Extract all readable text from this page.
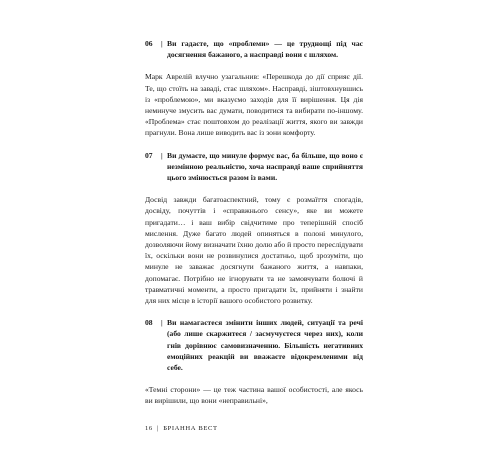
06	| Ви гадаєте, що «проблеми» — це труднощі під час досягнення бажаного, а насправді вони є шляхом.

Марк Аврелій влучно узагальнив: «Перешкода до дії сприяє дії. Те, що стоїть на заваді, стає шляхом». Насправді, зіштовхнувшись із «проблемою», ми вказуємо заходів для її вирішення. Ця дія неминуче змусить вас думати, поводитися та вибирати по-іншому. «Проблема» стає поштовхом до реалізації життя, якого ви завжди прагнули. Вона лише виводить вас із зони комфорту.

07	| Ви думаєте, що минуле формує вас, ба більше, що воно є незмінною реальністю, хоча насправді ваше сприйняття цього змінюється разом із вами.

Досвід завжди багатоаспектний, тому є розмаїття спогадів, досвіду, почуттів і «справжнього сенсу», яке ви можете пригадати… і ваш вибір свідчитиме про теперішній спосіб мислення. Дуже багато людей опиняться в полоні минулого, дозволяючи йому визначати їхню долю або й просто переслідувати їх, оскільки вони не розвинулися достатньо, щоб зрозуміти, що минуле не заважає досягнути бажаного життя, а навпаки, допомагає. Потрібно не ігнорувати та не замовчувати болючі й травматичні моменти, а просто пригадати їх, прийняти і знайти для них місце в історії вашого особистого розвитку.

08	| Ви намагаєтеся змінити інших людей, ситуації та речі (або лише скаржитеся / засмучуєтеся через них), коли гнів дорівнює самовизначенню. Більшість негативних емоційних реакцій ви вважаєте відокремленими від себе.

«Темні сторони» — це теж частина вашої особистості, але якось ви вирішили, що вони «неправильні»,

16 | БРІАННА ВЕСТ
